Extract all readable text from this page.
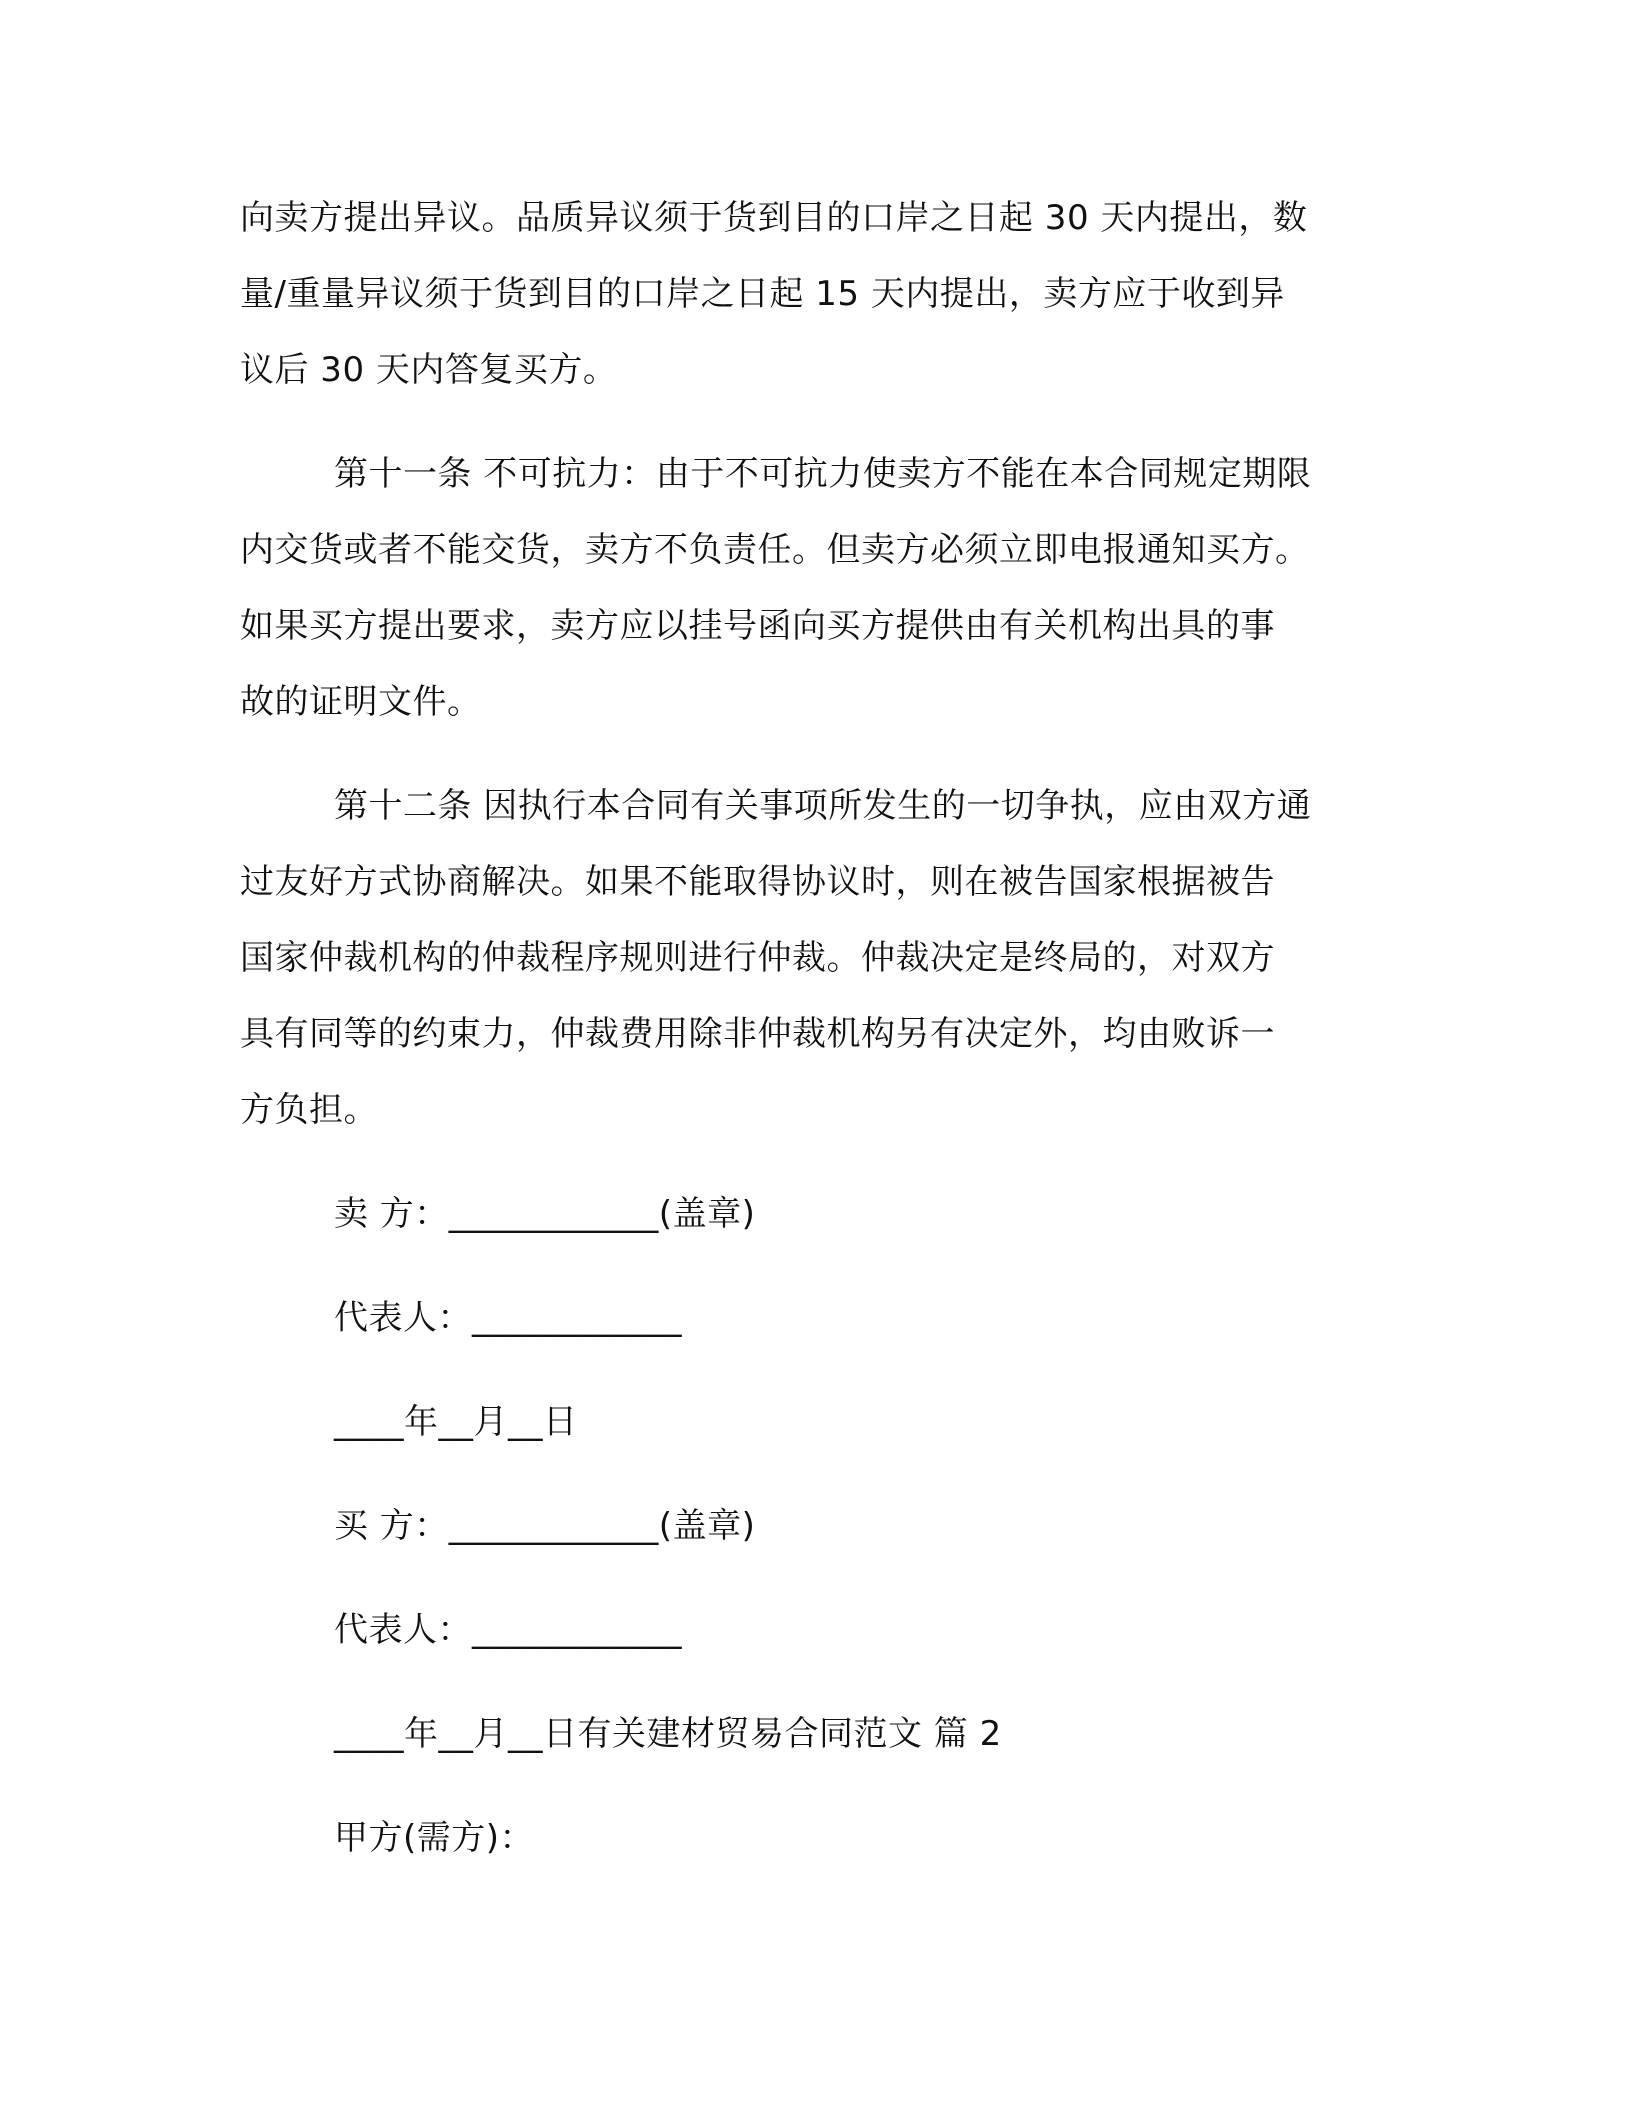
向卖方提出异议。品质异议须于货到目的口岸之日起 30 天内提出，数
量/重量异议须于货到目的口岸之日起 15 天内提出，卖方应于收到异
议后 30 天内答复买方。
第十一条 不可抗力：由于不可抗力使卖方不能在本合同规定期限
内交货或者不能交货，卖方不负责任。但卖方必须立即电报通知买方。
如果买方提出要求，卖方应以挂号函向买方提供由有关机构出具的事
故的证明文件。
第十二条 因执行本合同有关事项所发生的一切争执，应由双方通
过友好方式协商解决。如果不能取得协议时，则在被告国家根据被告
国家仲裁机构的仲裁程序规则进行仲裁。仲裁决定是终局的，对双方
具有同等的约束力，仲裁费用除非仲裁机构另有决定外，均由败诉一
方负担。
卖 方：____________(盖章)
代表人：____________
____年__月__日
买 方：____________(盖章)
代表人：____________
____年__月__日有关建材贸易合同范文 篇 2
甲方(需方)：
